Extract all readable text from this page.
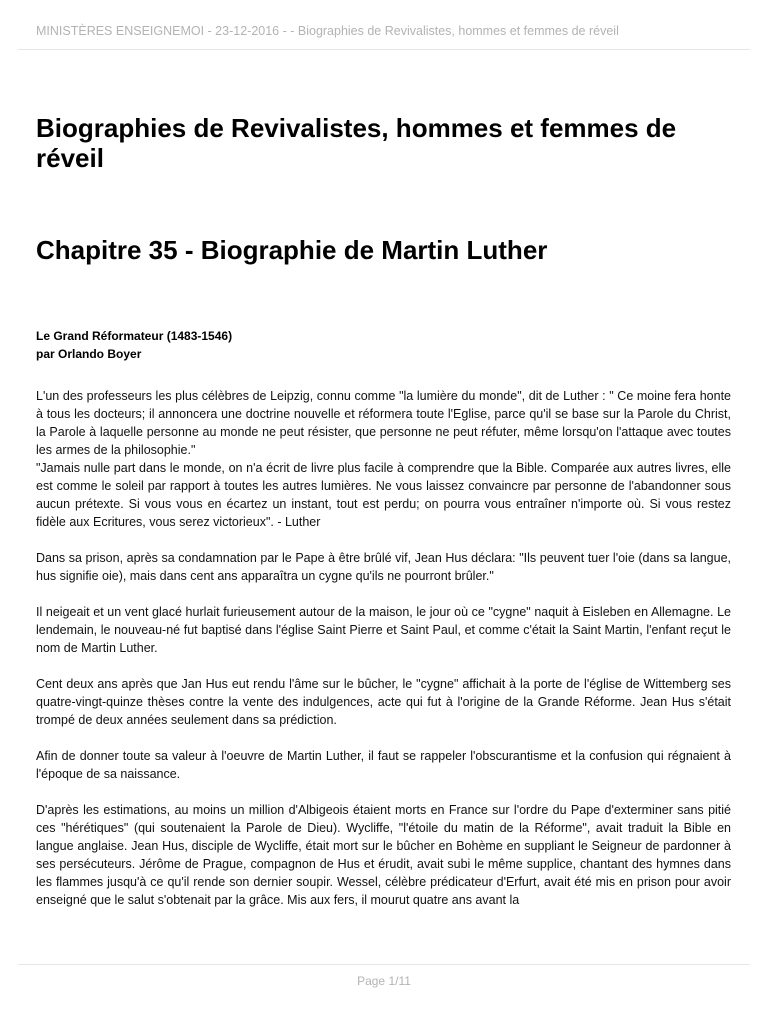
MINISTÈRES ENSEIGNEMOI - 23-12-2016 - - Biographies de Revivalistes, hommes et femmes de réveil
Biographies de Revivalistes, hommes et femmes de réveil
Chapitre 35 - Biographie de Martin Luther
Le Grand Réformateur (1483-1546)
par Orlando Boyer

L'un des professeurs les plus célèbres de Leipzig, connu comme "la lumière du monde", dit de Luther : " Ce moine fera honte à tous les docteurs; il annoncera une doctrine nouvelle et réformera toute l'Eglise, parce qu'il se base sur la Parole du Christ, la Parole à laquelle personne au monde ne peut résister, que personne ne peut réfuter, même lorsqu'on l'attaque avec toutes les armes de la philosophie."
"Jamais nulle part dans le monde, on n'a écrit de livre plus facile à comprendre que la Bible. Comparée aux autres livres, elle est comme le soleil par rapport à toutes les autres lumières. Ne vous laissez convaincre par personne de l'abandonner sous aucun prétexte. Si vous vous en écartez un instant, tout est perdu; on pourra vous entraîner n'importe où. Si vous restez fidèle aux Ecritures, vous serez victorieux". - Luther

Dans sa prison, après sa condamnation par le Pape à être brûlé vif, Jean Hus déclara: "Ils peuvent tuer l'oie (dans sa langue, hus signifie oie), mais dans cent ans apparaîtra un cygne qu'ils ne pourront brûler."

Il neigeait et un vent glacé hurlait furieusement autour de la maison, le jour où ce "cygne" naquit à Eisleben en Allemagne. Le lendemain, le nouveau-né fut baptisé dans l'église Saint Pierre et Saint Paul, et comme c'était la Saint Martin, l'enfant reçut le nom de Martin Luther.

Cent deux ans après que Jan Hus eut rendu l'âme sur le bûcher, le "cygne" affichait à la porte de l'église de Wittemberg ses quatre-vingt-quinze thèses contre la vente des indulgences, acte qui fut à l'origine de la Grande Réforme. Jean Hus s'était trompé de deux années seulement dans sa prédiction.

Afin de donner toute sa valeur à l'oeuvre de Martin Luther, il faut se rappeler l'obscurantisme et la confusion qui régnaient à l'époque de sa naissance.

D'après les estimations, au moins un million d'Albigeois étaient morts en France sur l'ordre du Pape d'exterminer sans pitié ces "hérétiques" (qui soutenaient la Parole de Dieu). Wycliffe, "l'étoile du matin de la Réforme", avait traduit la Bible en langue anglaise. Jean Hus, disciple de Wycliffe, était mort sur le bûcher en Bohème en suppliant le Seigneur de pardonner à ses persécuteurs. Jérôme de Prague, compagnon de Hus et érudit, avait subi le même supplice, chantant des hymnes dans les flammes jusqu'à ce qu'il rende son dernier soupir. Wessel, célèbre prédicateur d'Erfurt, avait été mis en prison pour avoir enseigné que le salut s'obtenait par la grâce. Mis aux fers, il mourut quatre ans avant la

Page 1/11
